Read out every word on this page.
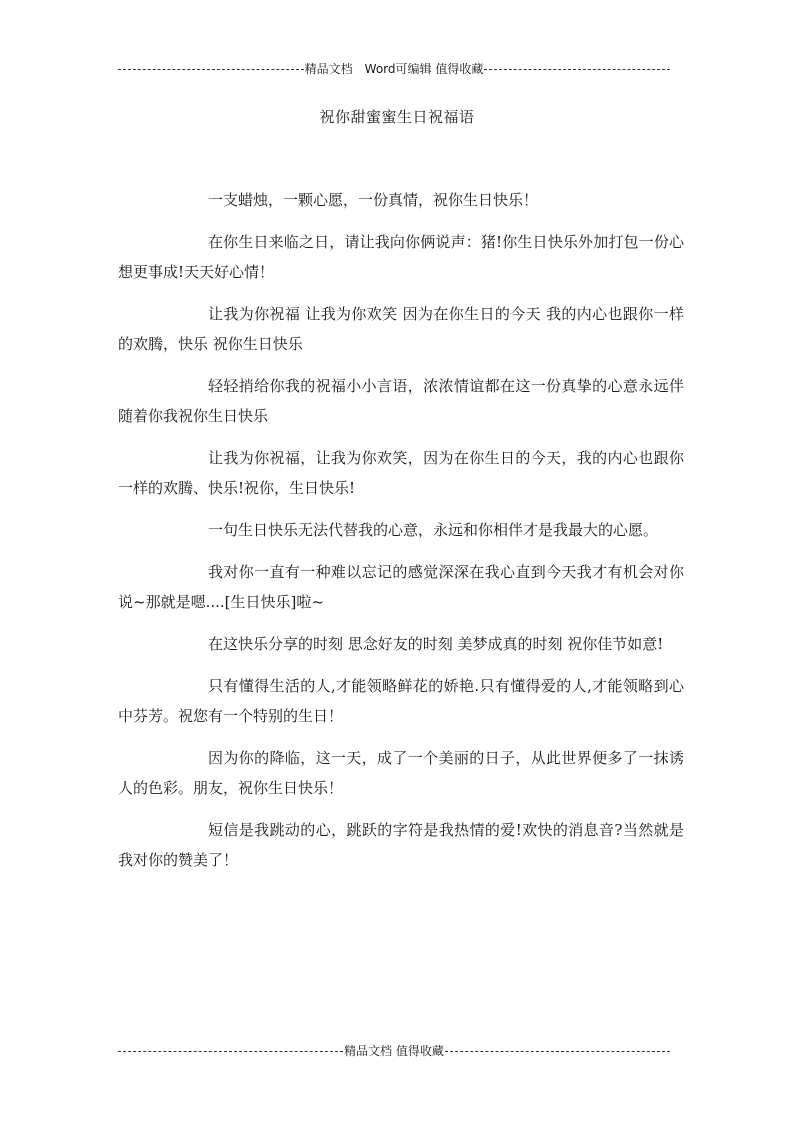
精品文档　Word可编辑 值得收藏
祝你甜蜜蜜生日祝福语

一支蜡烛，一颗心愿，一份真情，祝你生日快乐！

在你生日来临之日，请让我向你俩说声：猪!你生日快乐外加打包一份心想更事成!天天好心情！

让我为你祝福 让我为你欢笑 因为在你生日的今天 我的内心也跟你一样的欢腾，快乐 祝你生日快乐

轻轻捎给你我的祝福小小言语，浓浓情谊都在这一份真挚的心意永远伴随着你我祝你生日快乐

让我为你祝福，让我为你欢笑，因为在你生日的今天，我的内心也跟你一样的欢腾、快乐!祝你，生日快乐!

一句生日快乐无法代替我的心意，永远和你相伴才是我最大的心愿。

我对你一直有一种难以忘记的感觉深深在我心直到今天我才有机会对你说~那就是嗯....[生日快乐]啦~

在这快乐分享的时刻 思念好友的时刻 美梦成真的时刻 祝你佳节如意!

只有懂得生活的人,才能领略鲜花的娇艳.只有懂得爱的人,才能领略到心中芬芳。祝您有一个特别的生日！

因为你的降临，这一天，成了一个美丽的日子，从此世界便多了一抹诱人的色彩。朋友，祝你生日快乐！

短信是我跳动的心，跳跃的字符是我热情的爱!欢快的消息音?当然就是我对你的赞美了！

精品文档 值得收藏
